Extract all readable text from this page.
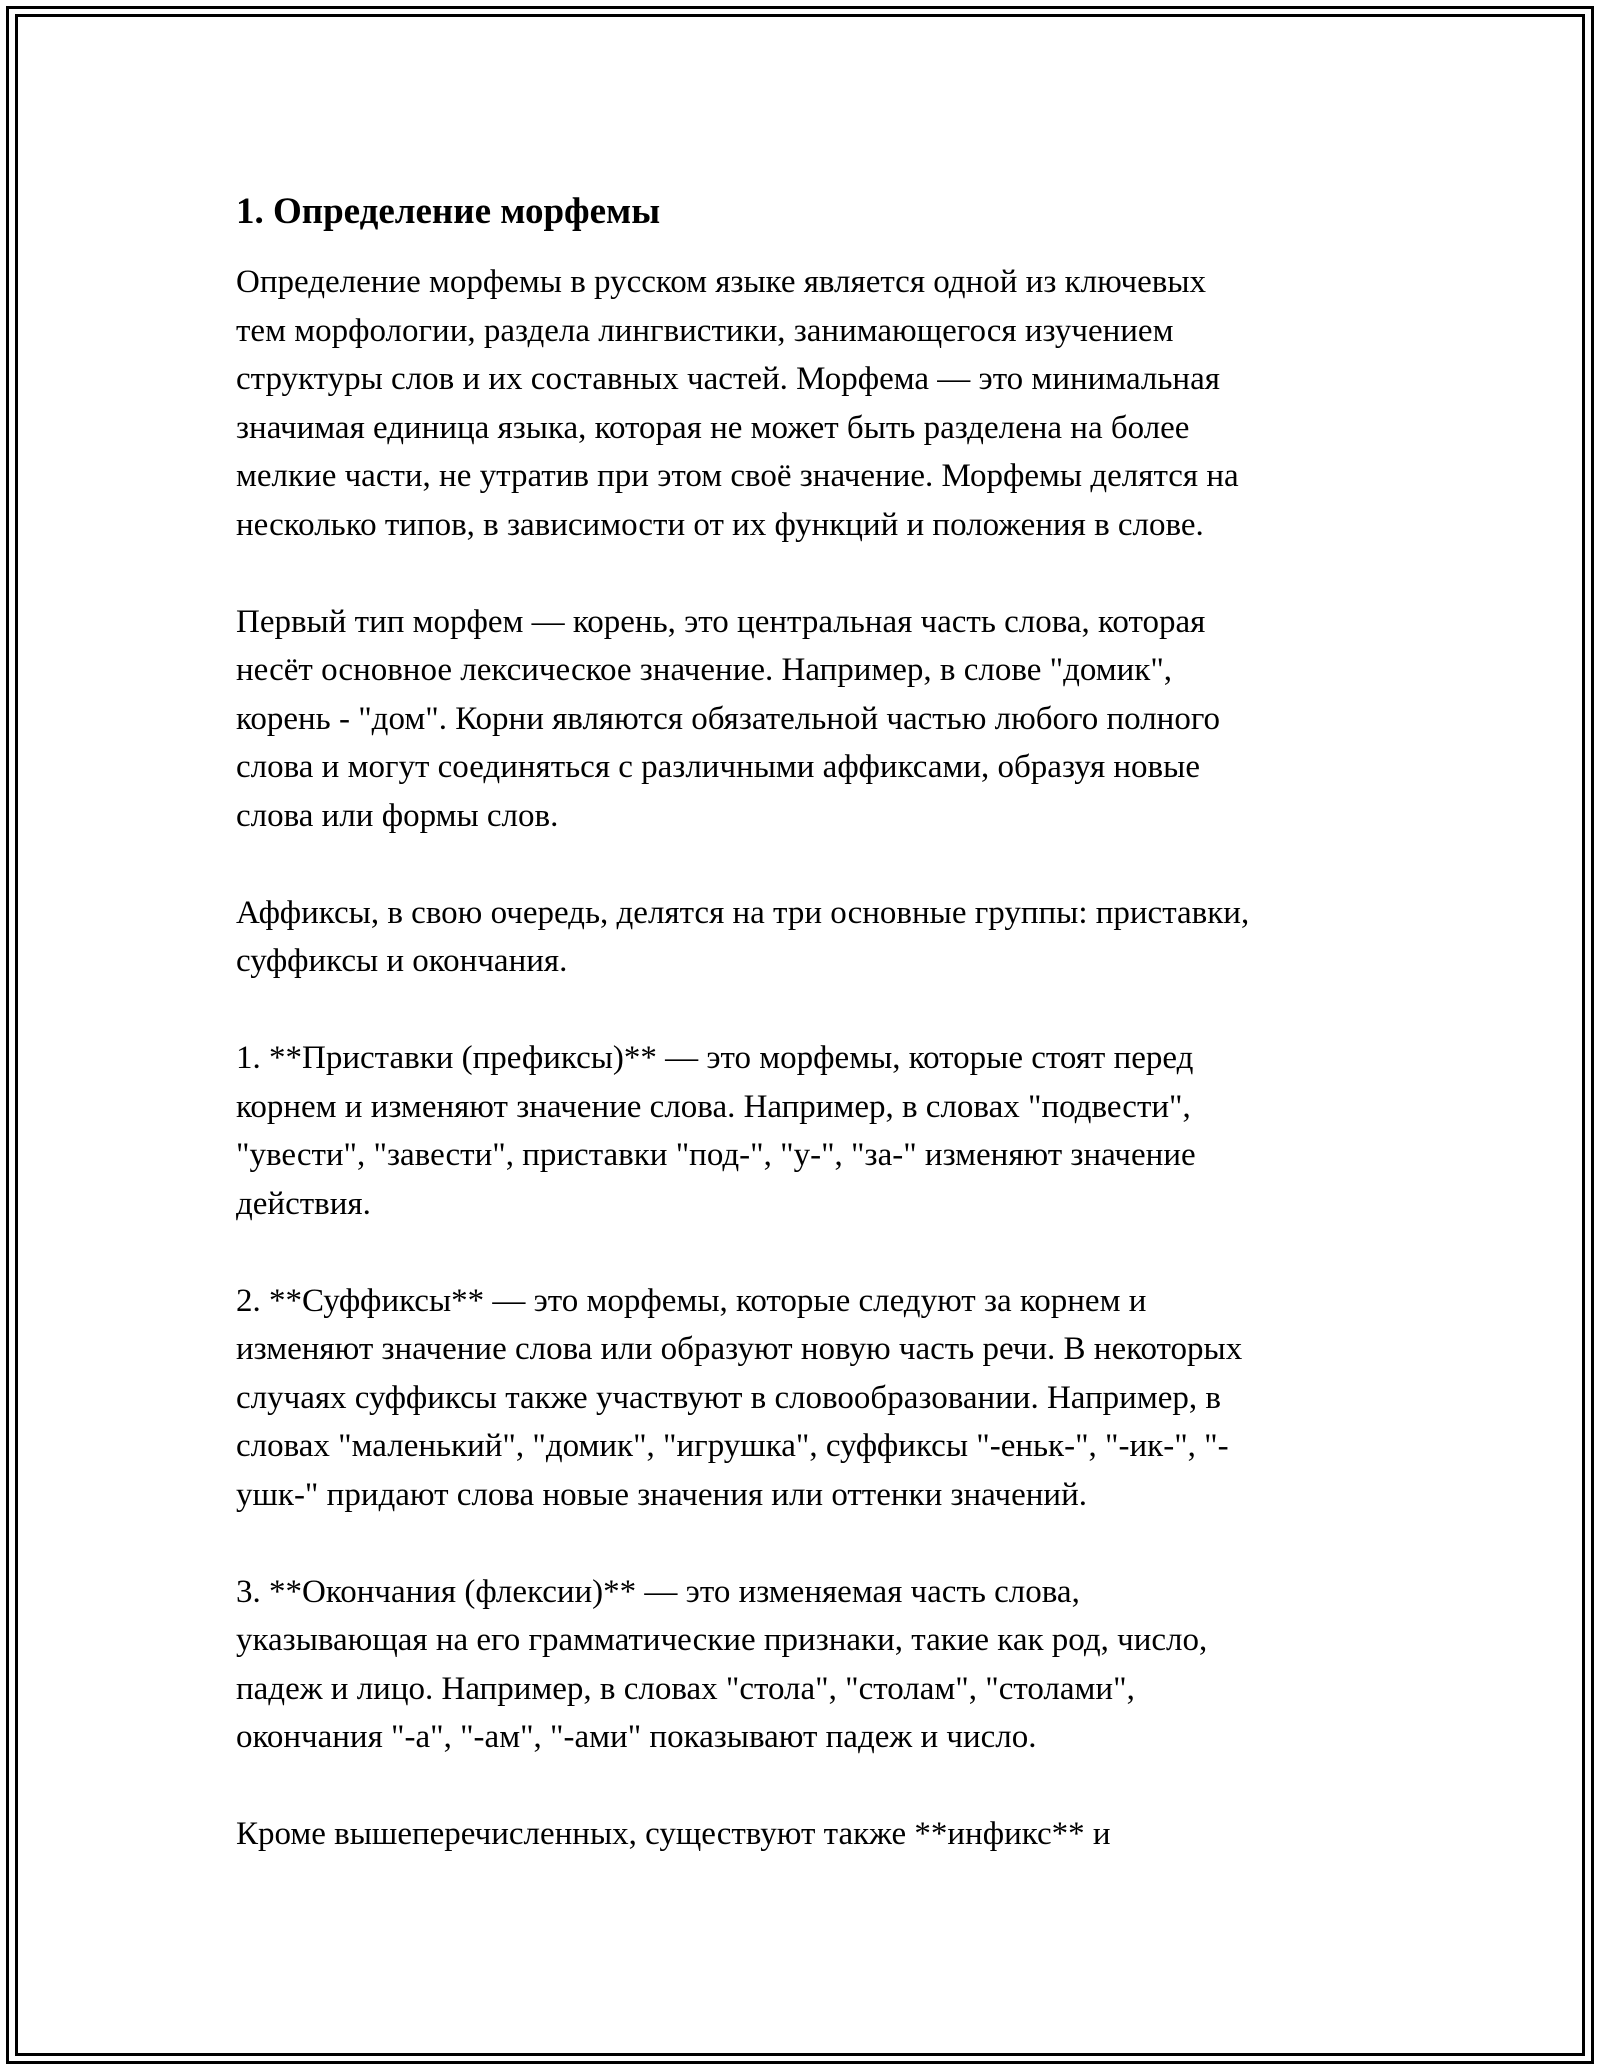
1. Определение морфемы

Определение морфемы в русском языке является одной из ключевых
тем морфологии, раздела лингвистики, занимающегося изучением
структуры слов и их составных частей. Морфема — это минимальная
значимая единица языка, которая не может быть разделена на более
мелкие части, не утратив при этом своё значение. Морфемы делятся на
несколько типов, в зависимости от их функций и положения в слове.

Первый тип морфем — корень, это центральная часть слова, которая
несёт основное лексическое значение. Например, в слове "домик",
корень - "дом". Корни являются обязательной частью любого полного
слова и могут соединяться с различными аффиксами, образуя новые
слова или формы слов.

Аффиксы, в свою очередь, делятся на три основные группы: приставки,
суффиксы и окончания.

1. **Приставки (префиксы)** — это морфемы, которые стоят перед
корнем и изменяют значение слова. Например, в словах "подвести",
"увести", "завести", приставки "под-", "у-", "за-" изменяют значение
действия.

2. **Суффиксы** — это морфемы, которые следуют за корнем и
изменяют значение слова или образуют новую часть речи. В некоторых
случаях суффиксы также участвуют в словообразовании. Например, в
словах "маленький", "домик", "игрушка", суффиксы "-еньк-", "-ик-", "-
ушк-" придают слова новые значения или оттенки значений.

3. **Окончания (флексии)** — это изменяемая часть слова,
указывающая на его грамматические признаки, такие как род, число,
падеж и лицо. Например, в словах "стола", "столам", "столами",
окончания "-а", "-ам", "-ами" показывают падеж и число.

Кроме вышеперечисленных, существуют также **инфикс** и
